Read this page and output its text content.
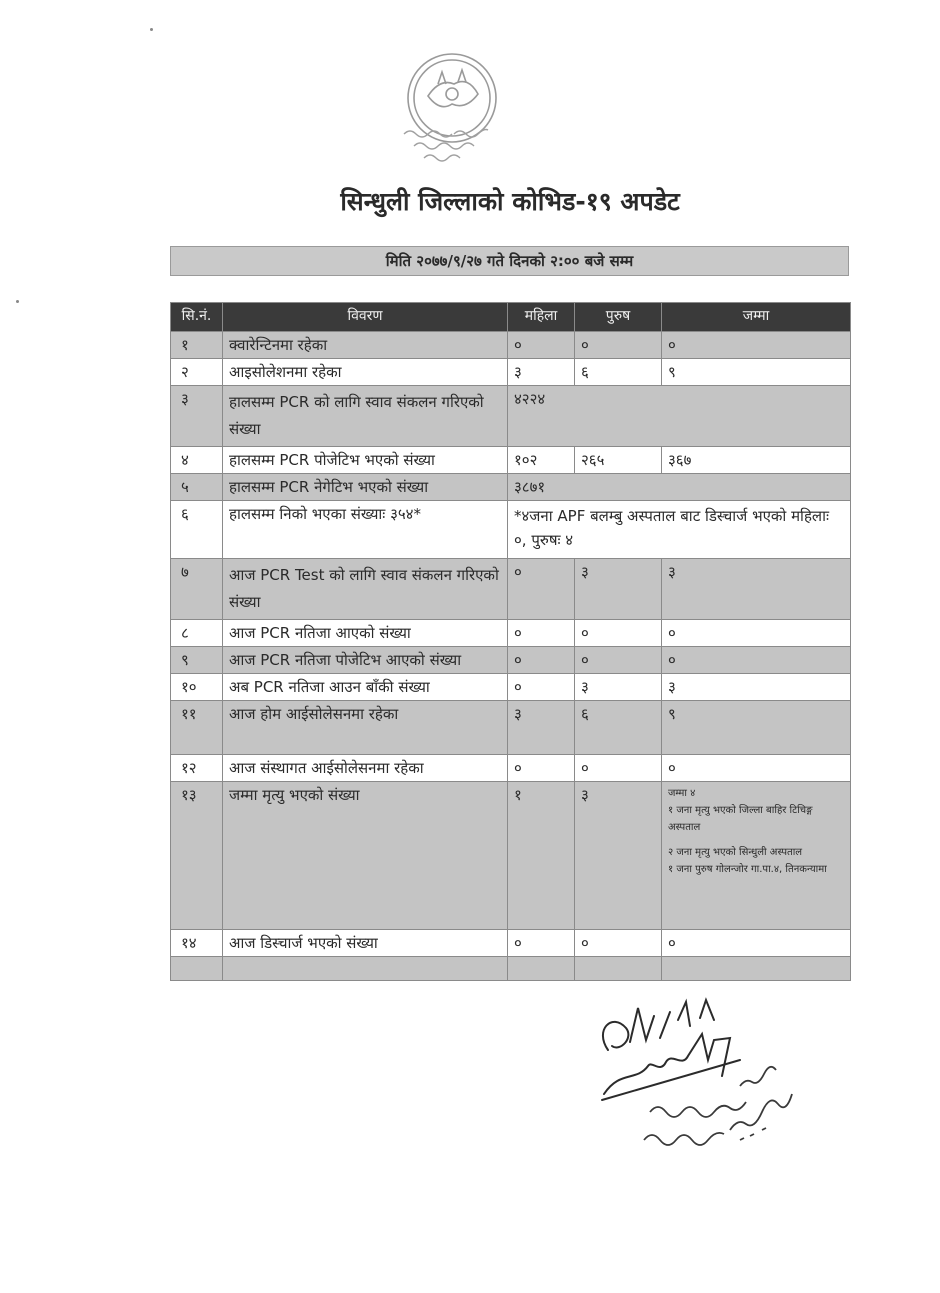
सिन्धुली जिल्लाको कोभिड-१९ अपडेट
मिति २०७७/९/२७ गते दिनको २:०० बजे सम्म
सि.नं.	विवरण	महिला	पुरुष	जम्मा
१	क्वारेन्टिनमा रहेका	०	०	०
२	आइसोलेशनमा रहेका	३	६	९
३	हालसम्म PCR को लागि स्वाव संकलन गरिएको संख्या	४२२४		
४	हालसम्म PCR पोजेटिभ भएको संख्या	१०२	२६५	३६७
५	हालसम्म PCR नेगेटिभ भएको संख्या	३८७१		
६	हालसम्म निको भएका संख्याः ३५४*	*४जना APF बलम्बु अस्पताल बाट डिस्चार्ज भएको महिलाः ०, पुरुषः ४		
७	आज PCR Test को लागि स्वाव संकलन गरिएको संख्या	०	३	३
८	आज PCR नतिजा आएको संख्या	०	०	०
९	आज PCR नतिजा पोजेटिभ आएको संख्या	०	०	०
१०	अब PCR नतिजा आउन बाँकी संख्या	०	३	३
११	आज होम आईसोलेसनमा रहेका	३	६	९
१२	आज संस्थागत आईसोलेसनमा रहेका	०	०	०
१३	जम्मा मृत्यु भएको संख्या	१	३	जम्मा ४
१ जना मृत्यु भएको जिल्ला बाहिर टिचिङ्ग अस्पताल
२ जना मृत्यु भएको सिन्धुली अस्पताल
१ जना पुरुष गोलन्जोर गा.पा.४, तिनकन्यामा

१४	आज डिस्चार्ज भएको संख्या	०	०	०
